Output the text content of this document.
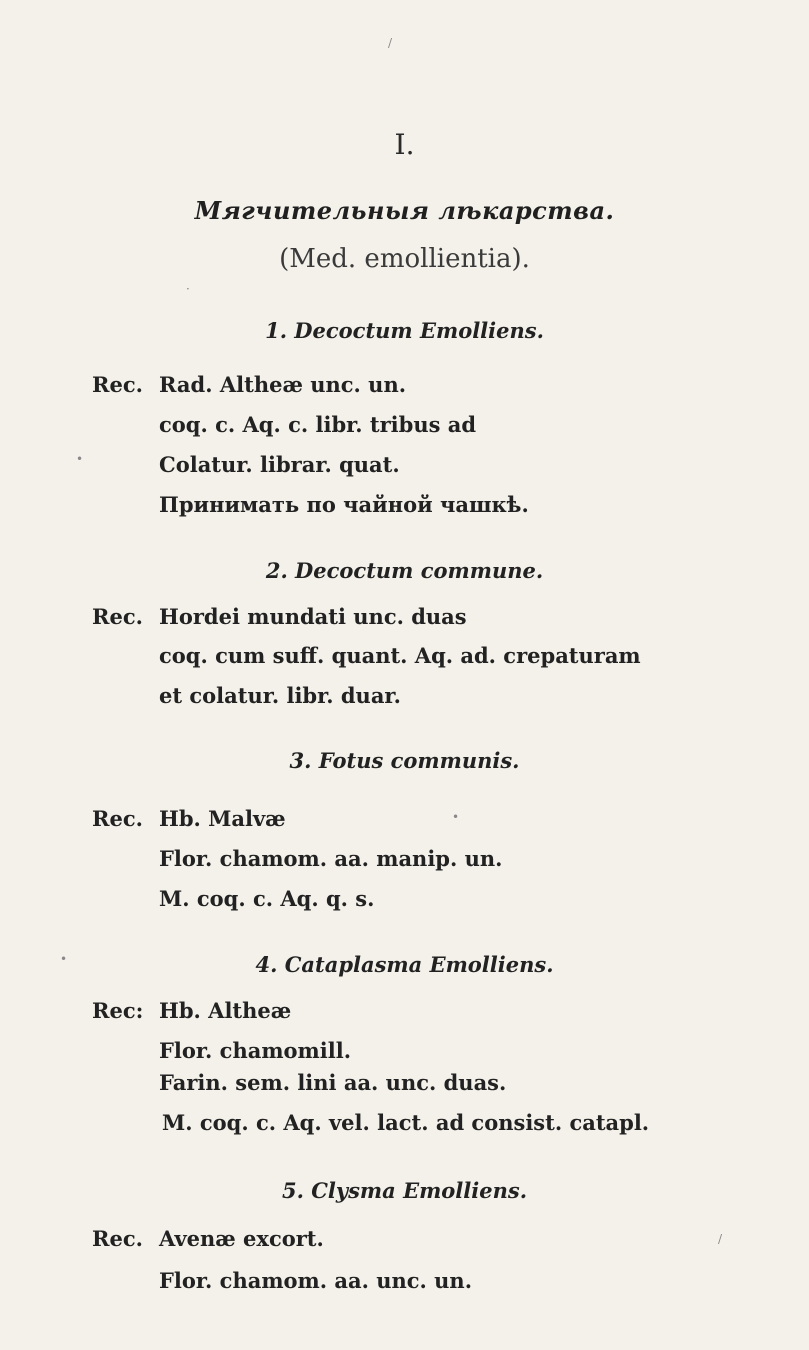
I.
Мягчительныя лѣкарства.
(Med. emollientia).
1. Decoctum Emolliens.
Rec. Rad. Altheæ unc. un.
coq. c. Aq. c. libr. tribus ad
Colatur. librar. quat.
Принимать по чайной чашкѣ.
2. Decoctum commune.
Rec. Hordei mundati unc. duas
coq. cum suff. quant. Aq. ad. crepaturam
et colatur. libr. duar.
3. Fotus communis.
Rec. Hb. Malvæ
Flor. chamom. aa. manip. un.
M. coq. c. Aq. q. s.
4. Cataplasma Emolliens.
Rec: Hb. Altheæ
Flor. chamomill.
Farin. sem. lini aa. unc. duas.
M. coq. c. Aq. vel. lact. ad consist. catapl.
5. Clysma Emolliens.
Rec. Avenæ excort.
Flor. chamom. aa. unc. un.
/
·
•
•
•
/
